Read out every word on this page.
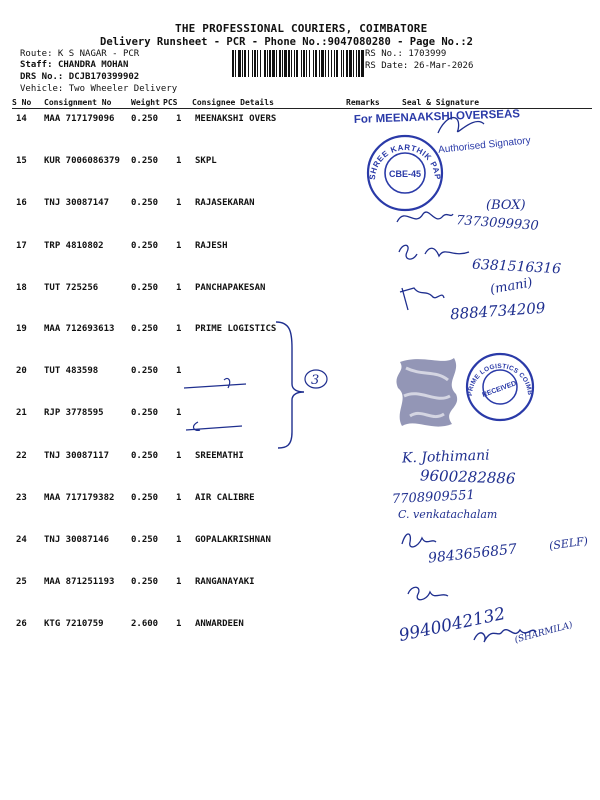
THE PROFESSIONAL COURIERS, COIMBATORE
Delivery Runsheet - PCR - Phone No.:9047080280 - Page No.:2
Route: K S NAGAR - PCR
Staff: CHANDRA MOHAN
DRS No.: DCJB170399902
Vehicle: Two Wheeler Delivery
RS No.: 1703999
RS Date: 26-Mar-2026
S No Consignment No Weight PCS Consignee Details	Remarks	Seal & Signature
14 MAA 717179096 0.250 1 MEENAKSHI OVERS
15 KUR 7006086379 0.250 1 SKPL
16 TNJ 30087147 0.250 1 RAJASEKARAN
17 TRP 4810802	0.250 1 RAJESH
18 TUT 725256	0.250 1 PANCHAPAKESAN
19 MAA 712693613 0.250 1 PRIME LOGISTICS
20 TUT 483598	0.250 1
21 RJP 3778595	0.250 1
22 TNJ 30087117 0.250 1 SREEMATHI
23 MAA 717179382 0.250 1 AIR CALIBRE
24 TNJ 30087146 0.250 1 GOPALAKRISHNAN
25 MAA 871251193 0.250 1 RANGANAYAKI
26 KTG 7210759	2.600 1 ANWARDEEN
For MEENAAKSHI OVERSEAS
Authorised Signatory
SHREE KARTHIK PAPERS LTD
CBE-45
(BOX)
7373099930
6381516316
(mani)
8884734209
3
PRIME LOGISTICS COIMBATORE
RECEIVED
K. Jothimani
9600282886
7708909551
C. venkatachalam
9843656857	(SELF)
9940042132 (SHARMILA)
